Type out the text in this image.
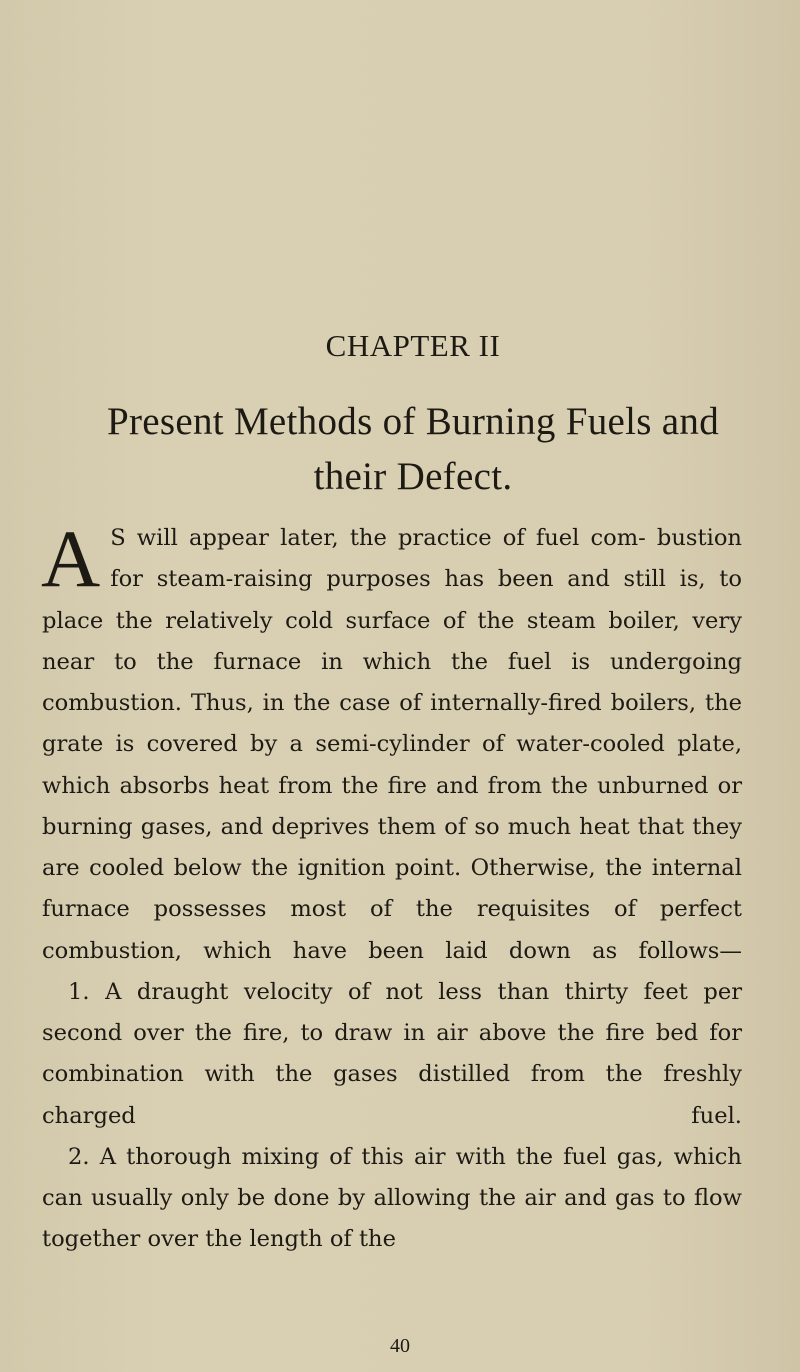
CHAPTER II
Present Methods of Burning Fuels and
their Defect.

A S will appear later, the practice of fuel com- bustion for steam-raising purposes has been and still is, to place the relatively cold surface of the steam boiler, very near to the furnace in which the fuel is undergoing combustion. Thus, in the case of internally-fired boilers, the grate is covered by a semi-cylinder of water-cooled plate, which absorbs heat from the fire and from the unburned or burning gases, and deprives them of so much heat that they are cooled below the ignition point. Otherwise, the internal furnace possesses most of the requisites of perfect combustion, which have been laid down as follows—

1. A draught velocity of not less than thirty feet per second over the fire, to draw in air above the fire bed for combination with the gases distilled from the freshly charged fuel.

2. A thorough mixing of this air with the fuel gas, which can usually only be done by allowing the air and gas to flow together over the length of the

40
